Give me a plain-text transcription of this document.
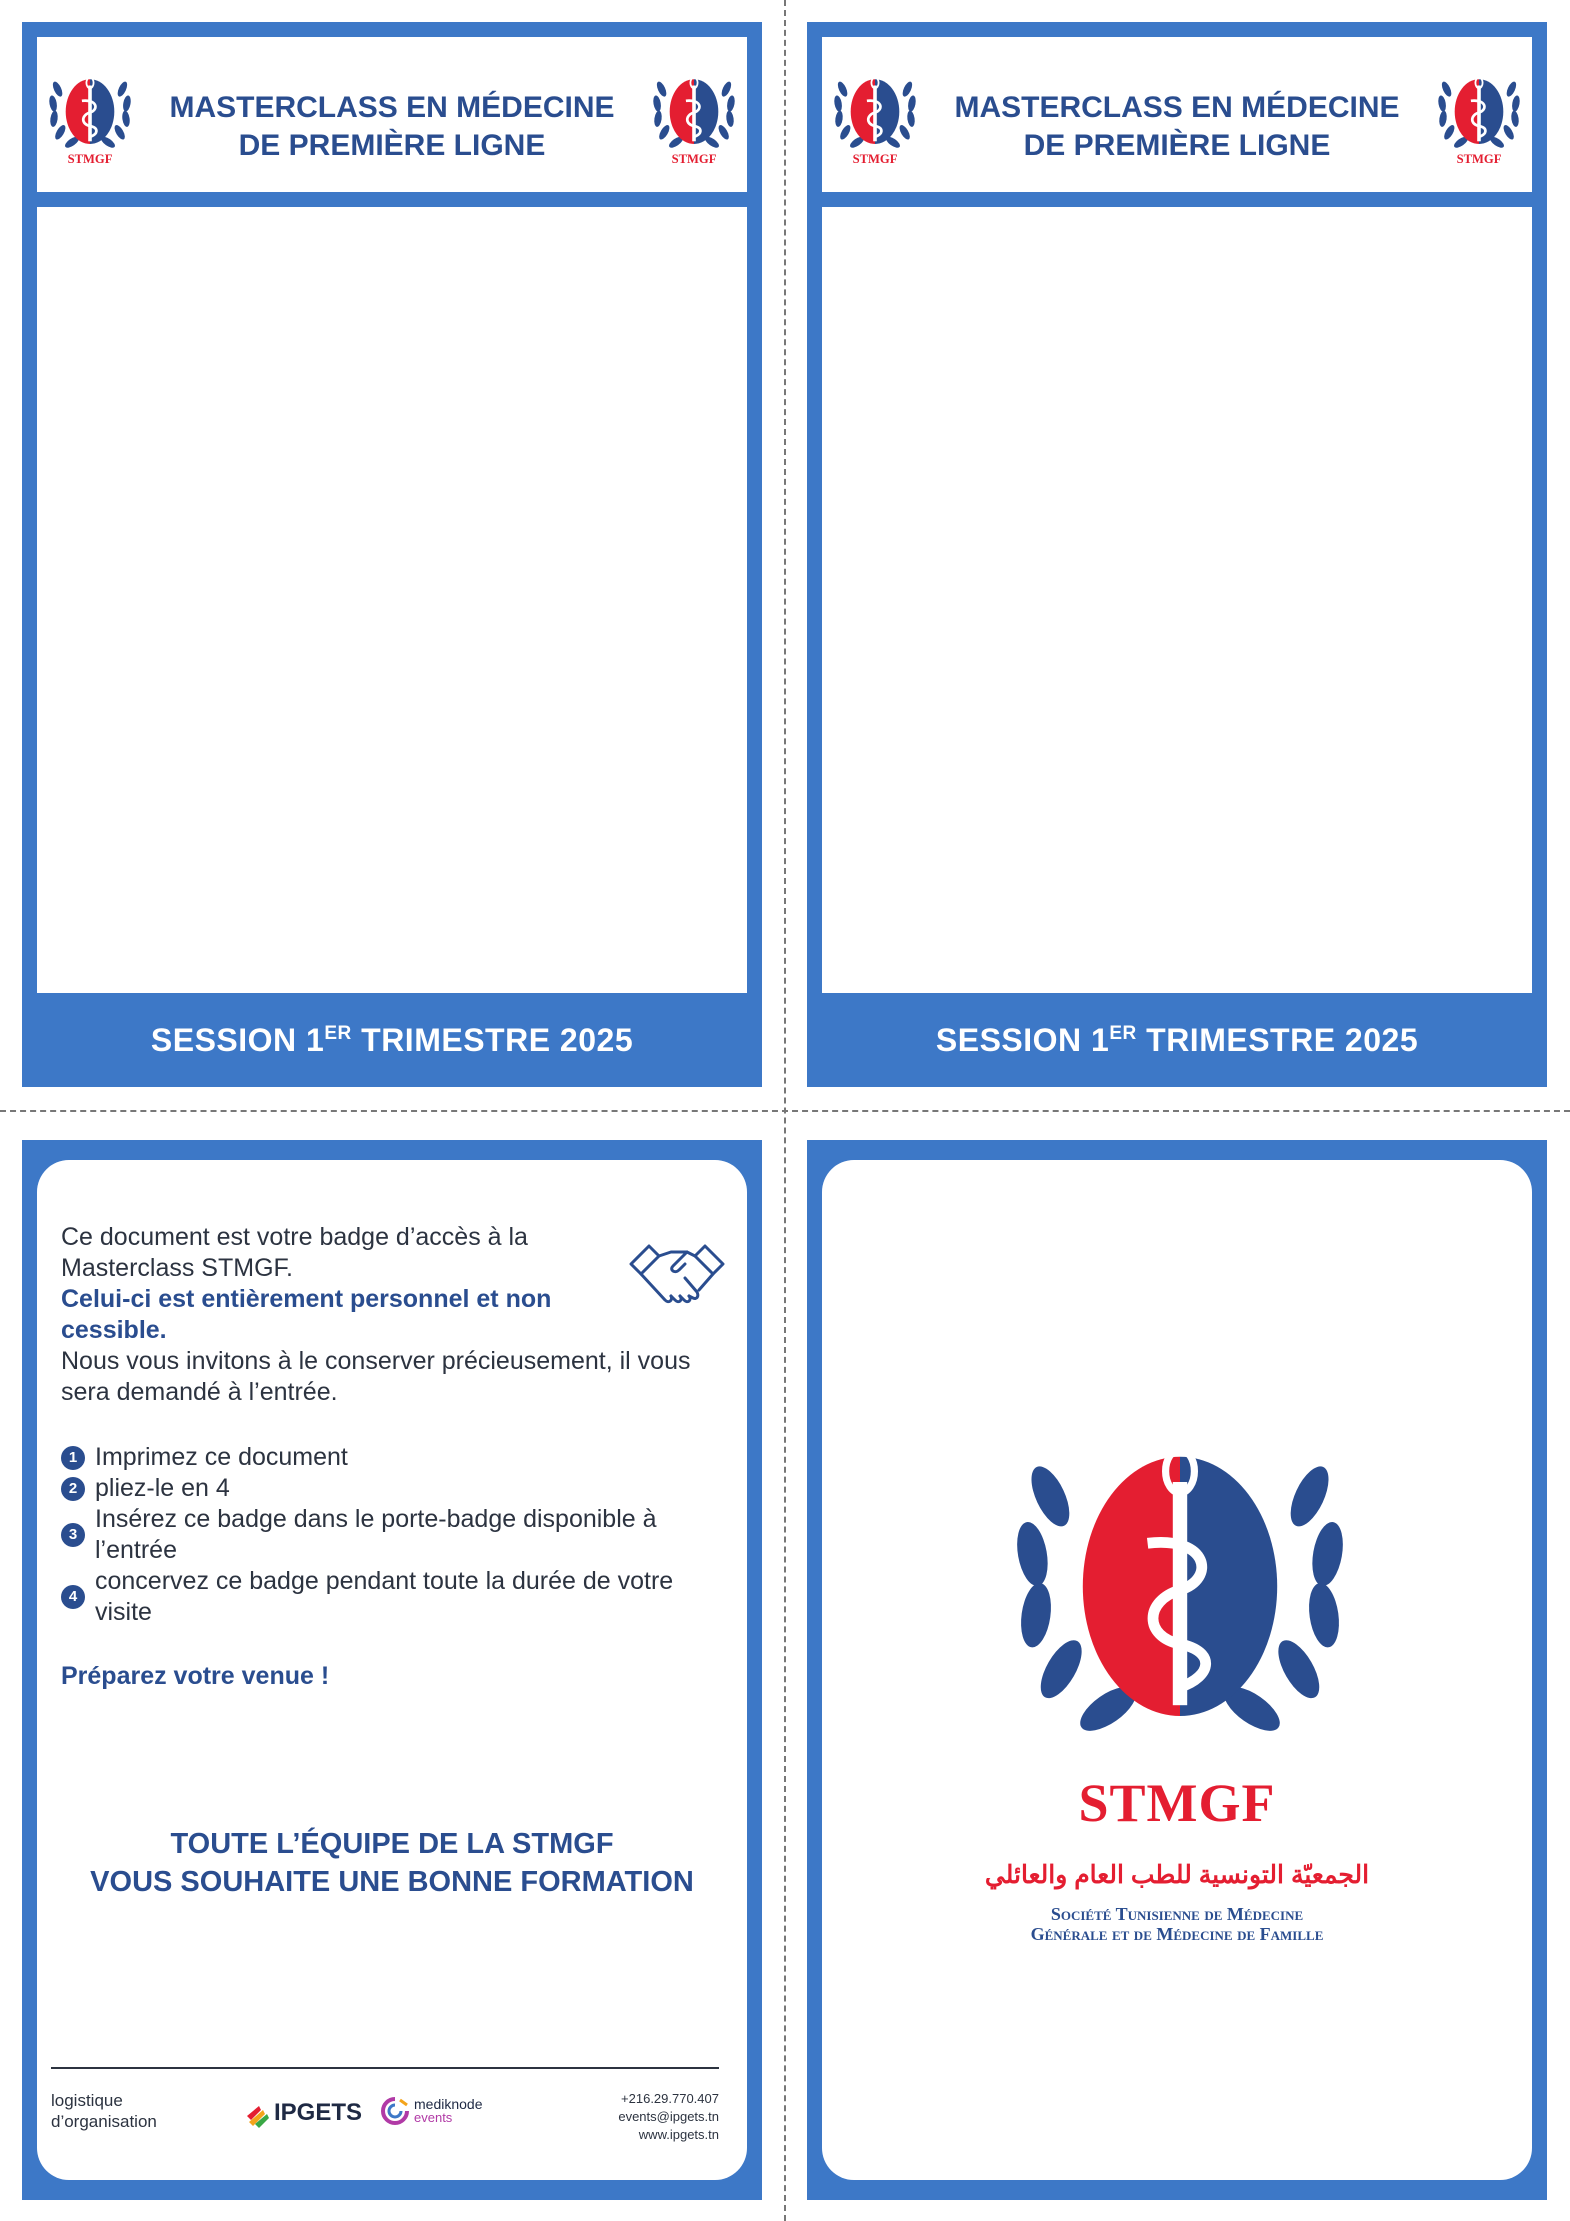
STMGF
MASTERCLASS EN MÉDECINE
DE PREMIÈRE LIGNE	STMGF
SESSION 1ER TRIMESTRE 2025
STMGF
MASTERCLASS EN MÉDECINE
DE PREMIÈRE LIGNE	STMGF
SESSION 1ER TRIMESTRE 2025

Ce document est votre badge d’accès à la Masterclass STMGF.

Celui-ci est entièrement personnel et non cessible.

Nous vous invitons à le conserver précieusement, il vous sera demandé à l’entrée.

1 Imprimez ce document
2 pliez-le en 4
3
Insérez ce badge dans le porte-badge disponible à l’entrée
4
concervez ce badge pendant toute la durée de votre visite
Préparez votre venue !
TOUTE L’ÉQUIPE DE LA STMGF
VOUS SOUHAITE UNE BONNE FORMATION
logistique
d’organisation	IPGETS	mediknode
events
+216.29.770.407
events@ipgets.tn
www.ipgets.tn
STMGF
الجمعيّة التونسية للطب العام والعائلي
Société Tunisienne de Médecine
Générale et de Médecine de Famille
